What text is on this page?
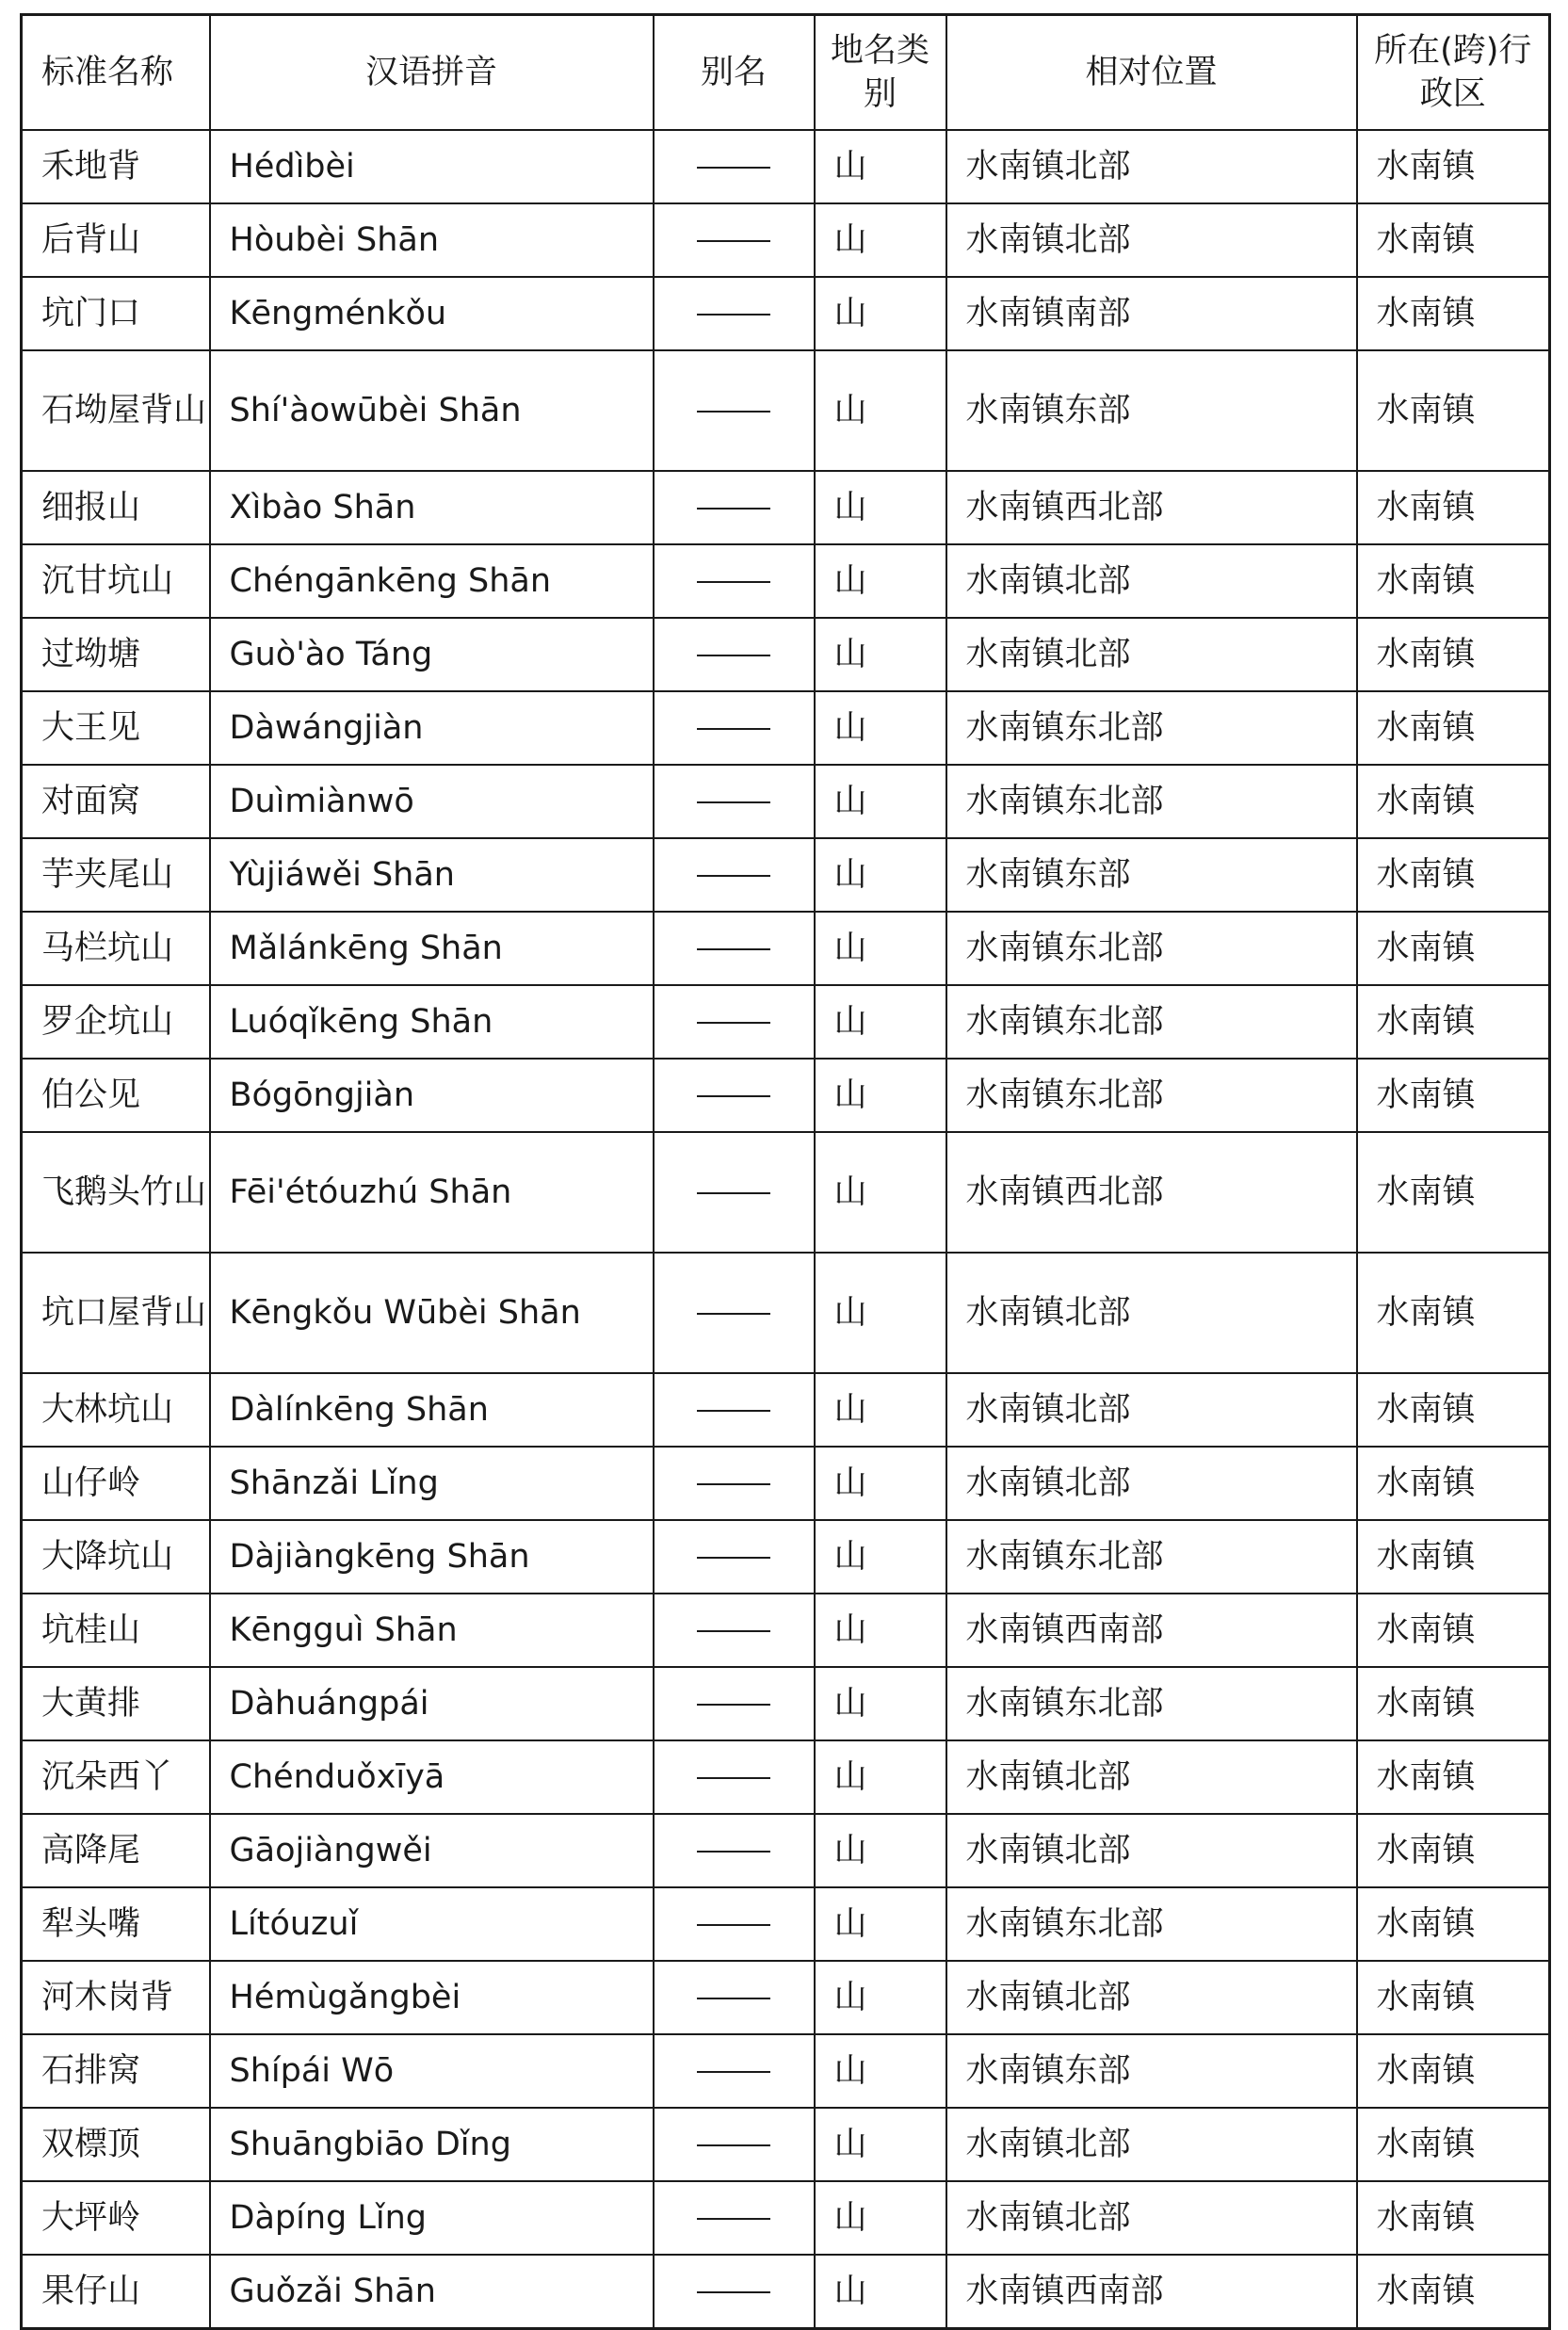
标准名称	汉语拼音	别名	地名类别	相对位置	所在(跨)行政区
禾地背	Hédìbèi		山	水南镇北部	水南镇
后背山	Hòubèi Shān		山	水南镇北部	水南镇
坑门口	Kēngménkǒu		山	水南镇南部	水南镇
石坳屋背山	Shí'àowūbèi Shān		山	水南镇东部	水南镇
细报山	Xìbào Shān		山	水南镇西北部	水南镇
沉甘坑山	Chéngānkēng Shān		山	水南镇北部	水南镇
过坳塘	Guò'ào Táng		山	水南镇北部	水南镇
大王见	Dàwángjiàn		山	水南镇东北部	水南镇
对面窝	Duìmiànwō		山	水南镇东北部	水南镇
芋夹尾山	Yùjiáwěi Shān		山	水南镇东部	水南镇
马栏坑山	Mǎlánkēng Shān		山	水南镇东北部	水南镇
罗企坑山	Luóqǐkēng Shān		山	水南镇东北部	水南镇
伯公见	Bógōngjiàn		山	水南镇东北部	水南镇
飞鹅头竹山	Fēi'étóuzhú Shān		山	水南镇西北部	水南镇
坑口屋背山	Kēngkǒu Wūbèi Shān		山	水南镇北部	水南镇
大林坑山	Dàlínkēng Shān		山	水南镇北部	水南镇
山仔岭	Shānzǎi Lǐng		山	水南镇北部	水南镇
大降坑山	Dàjiàngkēng Shān		山	水南镇东北部	水南镇
坑桂山	Kēngguì Shān		山	水南镇西南部	水南镇
大黄排	Dàhuángpái		山	水南镇东北部	水南镇
沉朵西丫	Chénduǒxīyā		山	水南镇北部	水南镇
高降尾	Gāojiàngwěi		山	水南镇北部	水南镇
犁头嘴	Lítóuzuǐ		山	水南镇东北部	水南镇
河木岗背	Hémùgǎngbèi		山	水南镇北部	水南镇
石排窝	Shípái Wō		山	水南镇东部	水南镇
双標顶	Shuāngbiāo Dǐng		山	水南镇北部	水南镇
大坪岭	Dàpíng Lǐng		山	水南镇北部	水南镇
果仔山	Guǒzǎi Shān		山	水南镇西南部	水南镇
